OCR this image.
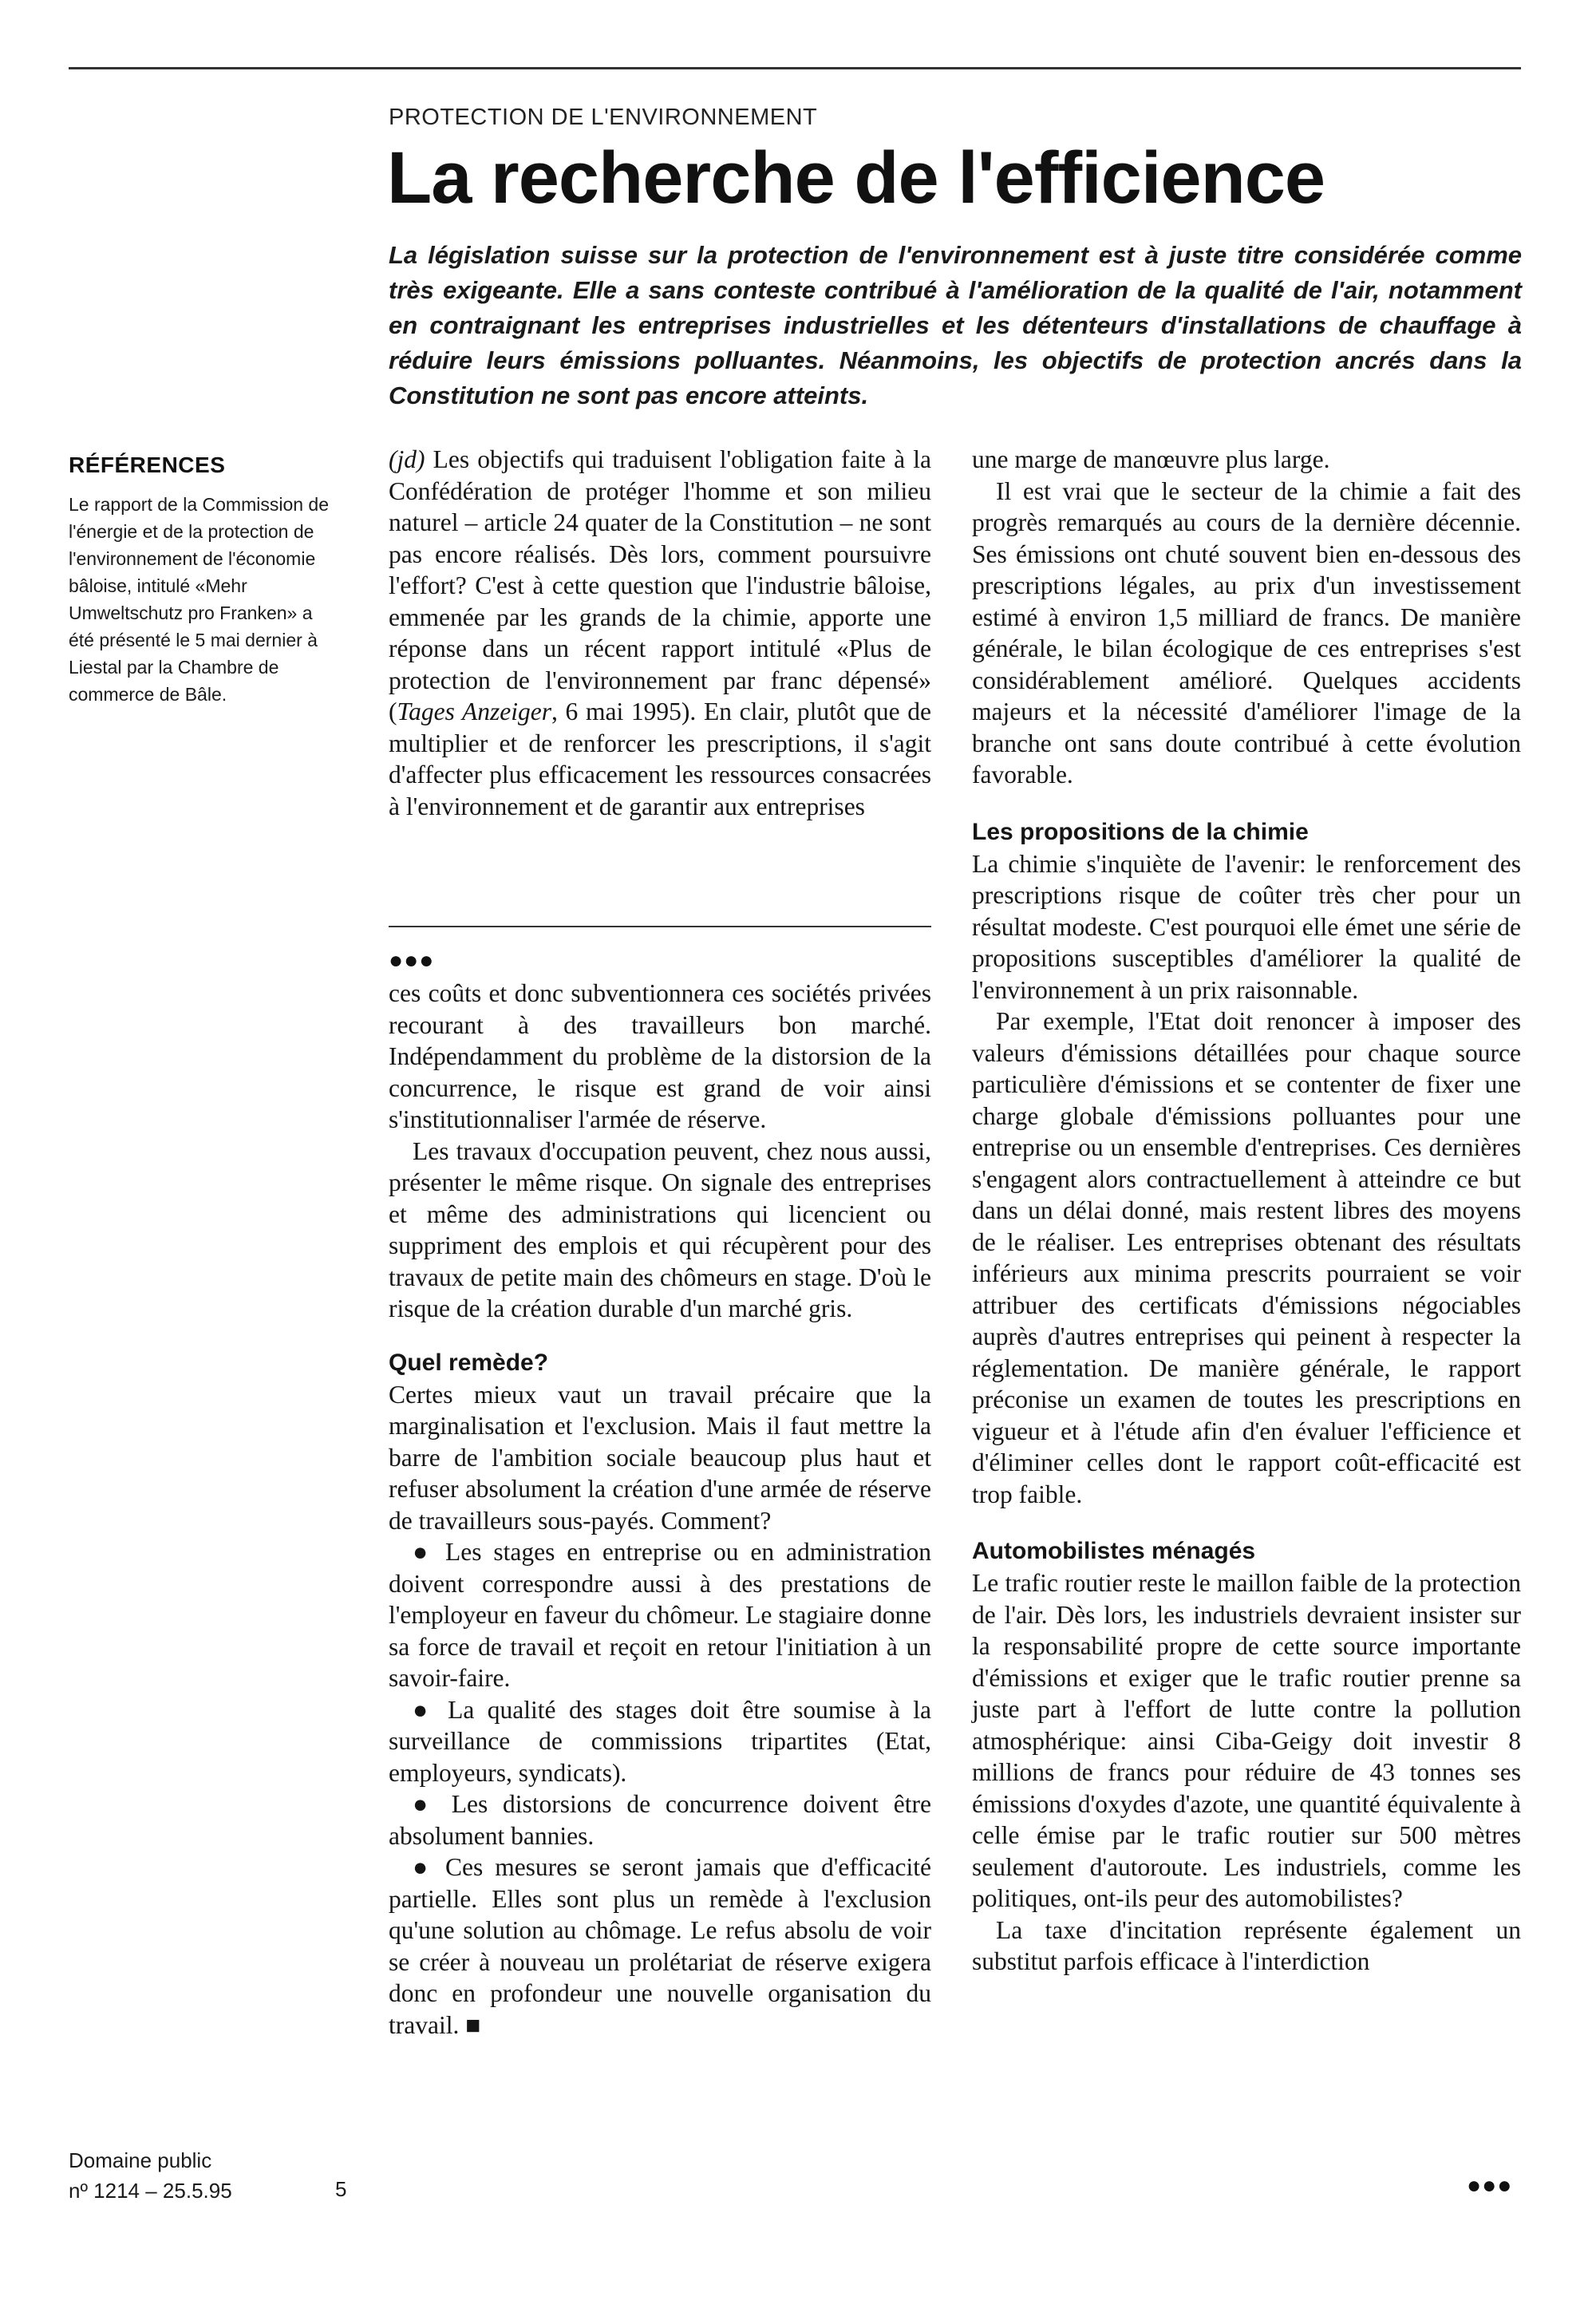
PROTECTION DE L'ENVIRONNEMENT
La recherche de l'efficience
La législation suisse sur la protection de l'environnement est à juste titre considérée comme très exigeante. Elle a sans conteste contribué à l'amélioration de la qualité de l'air, notamment en contraignant les entreprises industrielles et les détenteurs d'installations de chauffage à réduire leurs émissions polluantes. Néanmoins, les objectifs de protection ancrés dans la Constitution ne sont pas encore atteints.
RÉFÉRENCES
Le rapport de la Commission de l'énergie et de la protection de l'environnement de l'économie bâloise, intitulé «Mehr Umweltschutz pro Franken» a été présenté le 5 mai dernier à Liestal par la Chambre de commerce de Bâle.

(jd) Les objectifs qui traduisent l'obligation faite à la Confédération de protéger l'homme et son milieu naturel – article 24 quater de la Constitution – ne sont pas encore réalisés. Dès lors, comment poursuivre l'effort? C'est à cette question que l'industrie bâloise, emmenée par les grands de la chimie, apporte une réponse dans un récent rapport intitulé «Plus de protection de l'environnement par franc dépensé» (Tages Anzeiger, 6 mai 1995). En clair, plutôt que de multiplier et de renforcer les prescriptions, il s'agit d'affecter plus efficacement les ressources consacrées à l'environnement et de garantir aux entreprises

●●●

ces coûts et donc subventionnera ces sociétés privées recourant à des travailleurs bon marché. Indépendamment du problème de la distorsion de la concurrence, le risque est grand de voir ainsi s'institutionnaliser l'armée de réserve.

Les travaux d'occupation peuvent, chez nous aussi, présenter le même risque. On signale des entreprises et même des administrations qui licencient ou suppriment des emplois et qui récupèrent pour des travaux de petite main des chômeurs en stage. D'où le risque de la création durable d'un marché gris.

Quel remède?

Certes mieux vaut un travail précaire que la marginalisation et l'exclusion. Mais il faut mettre la barre de l'ambition sociale beaucoup plus haut et refuser absolument la création d'une armée de réserve de travailleurs sous-payés. Comment?

● Les stages en entreprise ou en administration doivent correspondre aussi à des prestations de l'employeur en faveur du chômeur. Le stagiaire donne sa force de travail et reçoit en retour l'initiation à un savoir-faire.

● La qualité des stages doit être soumise à la surveillance de commissions tripartites (Etat, employeurs, syndicats).

● Les distorsions de concurrence doivent être absolument bannies.

● Ces mesures se seront jamais que d'efficacité partielle. Elles sont plus un remède à l'exclusion qu'une solution au chômage. Le refus absolu de voir se créer à nouveau un prolétariat de réserve exigera donc en profondeur une nouvelle organisation du travail. ■

une marge de manœuvre plus large.

Il est vrai que le secteur de la chimie a fait des progrès remarqués au cours de la dernière décennie. Ses émissions ont chuté souvent bien en-dessous des prescriptions légales, au prix d'un investissement estimé à environ 1,5 milliard de francs. De manière générale, le bilan écologique de ces entreprises s'est considérablement amélioré. Quelques accidents majeurs et la nécessité d'améliorer l'image de la branche ont sans doute contribué à cette évolution favorable.

Les propositions de la chimie

La chimie s'inquiète de l'avenir: le renforcement des prescriptions risque de coûter très cher pour un résultat modeste. C'est pourquoi elle émet une série de propositions susceptibles d'améliorer la qualité de l'environnement à un prix raisonnable.

Par exemple, l'Etat doit renoncer à imposer des valeurs d'émissions détaillées pour chaque source particulière d'émissions et se contenter de fixer une charge globale d'émissions polluantes pour une entreprise ou un ensemble d'entreprises. Ces dernières s'engagent alors contractuellement à atteindre ce but dans un délai donné, mais restent libres des moyens de le réaliser. Les entreprises obtenant des résultats inférieurs aux minima prescrits pourraient se voir attribuer des certificats d'émissions négociables auprès d'autres entreprises qui peinent à respecter la réglementation. De manière générale, le rapport préconise un examen de toutes les prescriptions en vigueur et à l'étude afin d'en évaluer l'efficience et d'éliminer celles dont le rapport coût-efficacité est trop faible.

Automobilistes ménagés

Le trafic routier reste le maillon faible de la protection de l'air. Dès lors, les industriels devraient insister sur la responsabilité propre de cette source importante d'émissions et exiger que le trafic routier prenne sa juste part à l'effort de lutte contre la pollution atmosphérique: ainsi Ciba-Geigy doit investir 8 millions de francs pour réduire de 43 tonnes ses émissions d'oxydes d'azote, une quantité équivalente à celle émise par le trafic routier sur 500 mètres seulement d'autoroute. Les industriels, comme les politiques, ont-ils peur des automobilistes?

La taxe d'incitation représente également un substitut parfois efficace à l'interdiction

●●●
Domaine public
nº 1214 – 25.5.95	5
